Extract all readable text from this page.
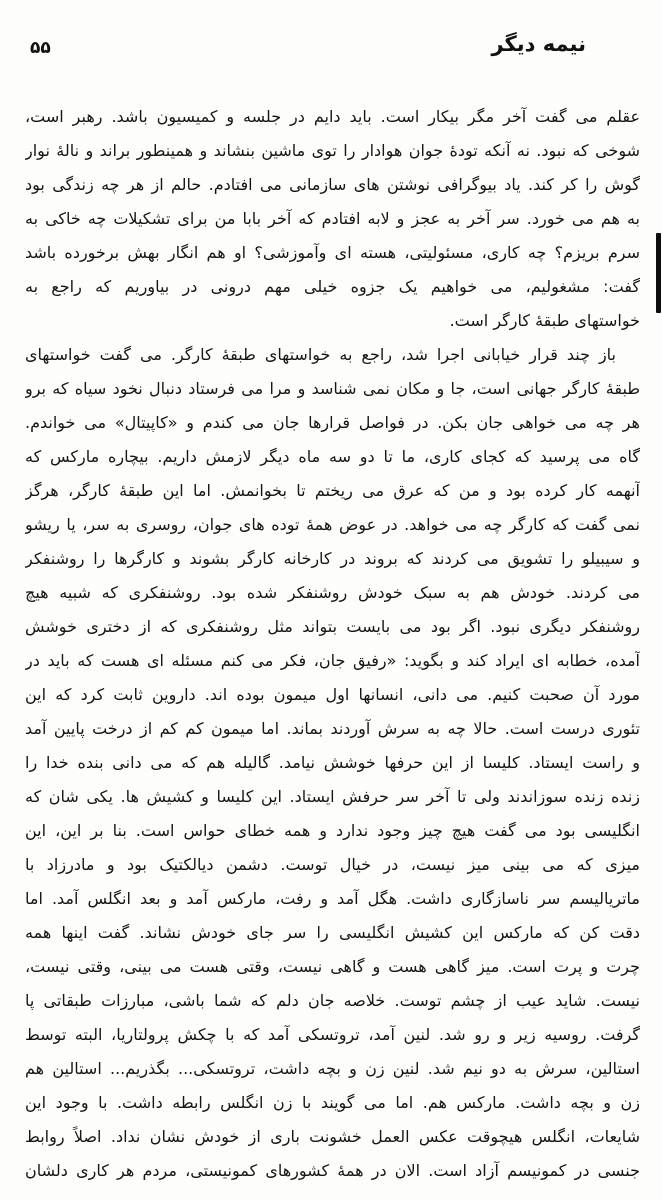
۵۵	نیمه دیگر
عقلم می گفت آخر مگر بیکار است. باید دایم در جلسه و کمیسیون باشد. رهبر است،
شوخی که نبود. نه آنکه تودهٔ جوان هوادار را توی ماشین بنشاند و همینطور براند و نالهٔ نوار
گوش را کر کند. یاد بیوگرافی نوشتن های سازمانی می افتادم. حالم از هر چه زندگی بود
به هم می خورد. سر آخر به عجز و لابه افتادم که آخر بابا من برای تشکیلات چه خاکی به
سرم بریزم؟ چه کاری، مسئولیتی، هسته ای وآموزشی؟ او هم انگار بهش برخورده باشد
گفت: مشغولیم، می خواهیم یک جزوه خیلی مهم درونی در بیاوریم که راجع به
خواستهای طبقهٔ کارگر است.
باز چند قرار خیابانی اجرا شد، راجع به خواستهای طبقهٔ کارگر. می گفت خواستهای
طبقهٔ کارگر جهانی است، جا و مکان نمی شناسد و مرا می فرستاد دنبال نخود سیاه که برو
هر چه می خواهی جان بکن. در فواصل قرارها جان می کندم و «کاپیتال» می خواندم.
گاه می پرسید که کجای کاری، ما تا دو سه ماه دیگر لازمش داریم. بیچاره مارکس که
آنهمه کار کرده بود و من که عرق می ریختم تا بخوانمش. اما این طبقهٔ کارگر، هرگز
نمی گفت که کارگر چه می خواهد. در عوض همهٔ توده های جوان، روسری به سر، یا ریشو
و سیبیلو را تشویق می کردند که بروند در کارخانه کارگر بشوند و کارگرها را روشنفکر
می کردند. خودش هم به سبک خودش روشنفکر شده بود. روشنفکری که شبیه هیچ
روشنفکر دیگری نبود. اگر بود می بایست بتواند مثل روشنفکری که از دختری خوشش
آمده، خطابه ای ایراد کند و بگوید: «رفیق جان، فکر می کنم مسئله ای هست که باید در
مورد آن صحبت کنیم. می دانی، انسانها اول میمون بوده اند. داروین ثابت کرد که این
تئوری درست است. حالا چه به سرش آوردند بماند. اما میمون کم کم از درخت پایین آمد
و راست ایستاد. کلیسا از این حرفها خوشش نیامد. گالیله هم که می دانی بنده خدا را
زنده زنده سوزاندند ولی تا آخر سر حرفش ایستاد. این کلیسا و کشیش ها. یکی شان که
انگلیسی بود می گفت هیچ چیز وجود ندارد و همه خطای حواس است. بنا بر این، این
میزی که می بینی میز نیست، در خیال توست. دشمن دیالکتیک بود و مادرزاد با
ماتریالیسم سر ناسازگاری داشت. هگل آمد و رفت، مارکس آمد و بعد انگلس آمد. اما
دقت کن که مارکس این کشیش انگلیسی را سر جای خودش نشاند. گفت اینها همه
چرت و پرت است. میز گاهی هست و گاهی نیست، وقتی هست می بینی، وقتی نیست،
نیست. شاید عیب از چشم توست. خلاصه جان دلم که شما باشی، مبارزات طبقاتی پا
گرفت. روسیه زیر و رو شد. لنین آمد، تروتسکی آمد که با چکش پرولتاریا، البته توسط
استالین، سرش به دو نیم شد. لنین زن و بچه داشت، تروتسکی... بگذریم... استالین هم
زن و بچه داشت. مارکس هم. اما می گویند با زن انگلس رابطه داشت. با وجود این
شایعات، انگلس هیچوقت عکس العمل خشونت باری از خودش نشان نداد. اصلاً روابط
جنسی در کمونیسم آزاد است. الان در همهٔ کشورهای کمونیستی، مردم هر کاری دلشان
